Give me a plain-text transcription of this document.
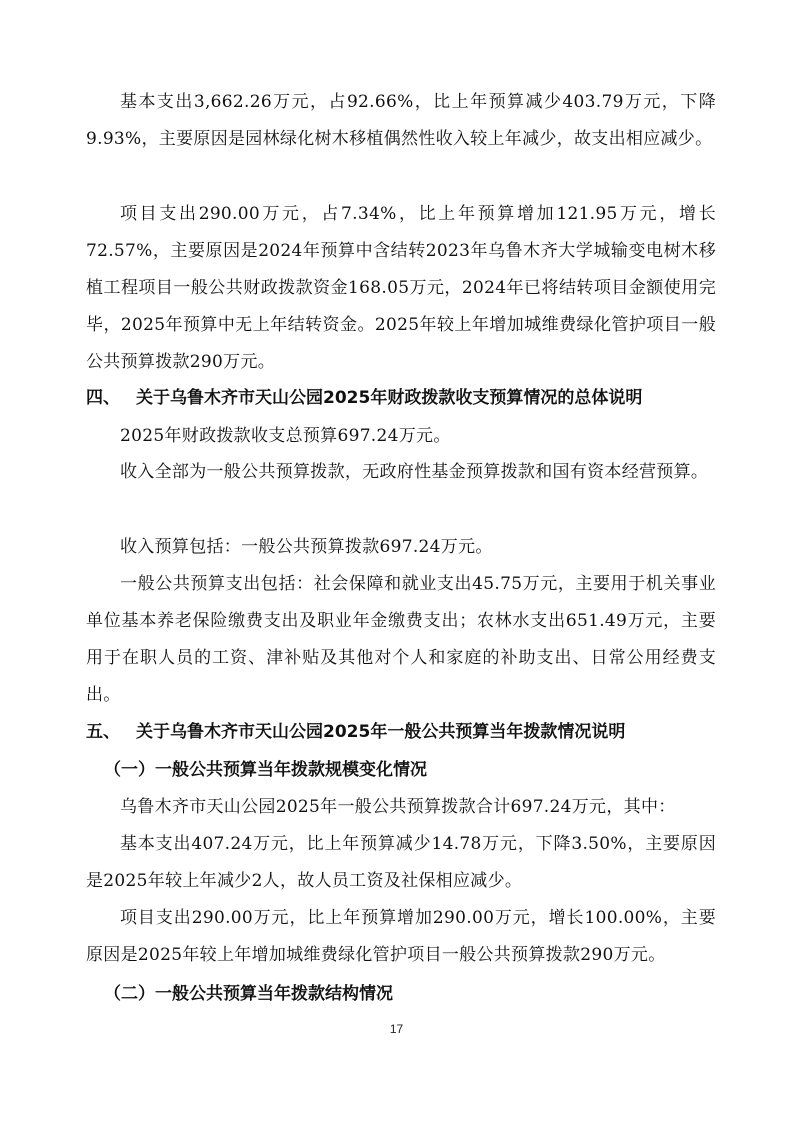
基本支出3,662.26万元，占92.66%，比上年预算减少403.79万元，下降9.93%，主要原因是园林绿化树木移植偶然性收入较上年减少，故支出相应减少。

项目支出290.00万元，占7.34%，比上年预算增加121.95万元，增长72.57%，主要原因是2024年预算中含结转2023年乌鲁木齐大学城输变电树木移植工程项目一般公共财政拨款资金168.05万元，2024年已将结转项目金额使用完毕，2025年预算中无上年结转资金。2025年较上年增加城维费绿化管护项目一般公共预算拨款290万元。

四、 关于乌鲁木齐市天山公园2025年财政拨款收支预算情况的总体说明

2025年财政拨款收支总预算697.24万元。

收入全部为一般公共预算拨款，无政府性基金预算拨款和国有资本经营预算。

收入预算包括：一般公共预算拨款697.24万元。

一般公共预算支出包括：社会保障和就业支出45.75万元，主要用于机关事业单位基本养老保险缴费支出及职业年金缴费支出；农林水支出651.49万元，主要用于在职人员的工资、津补贴及其他对个人和家庭的补助支出、日常公用经费支出。

五、 关于乌鲁木齐市天山公园2025年一般公共预算当年拨款情况说明
（一）一般公共预算当年拨款规模变化情况

乌鲁木齐市天山公园2025年一般公共预算拨款合计697.24万元，其中：

基本支出407.24万元，比上年预算减少14.78万元，下降3.50%，主要原因是2025年较上年减少2人，故人员工资及社保相应减少。

项目支出290.00万元，比上年预算增加290.00万元，增长100.00%，主要原因是2025年较上年增加城维费绿化管护项目一般公共预算拨款290万元。

（二）一般公共预算当年拨款结构情况
17
